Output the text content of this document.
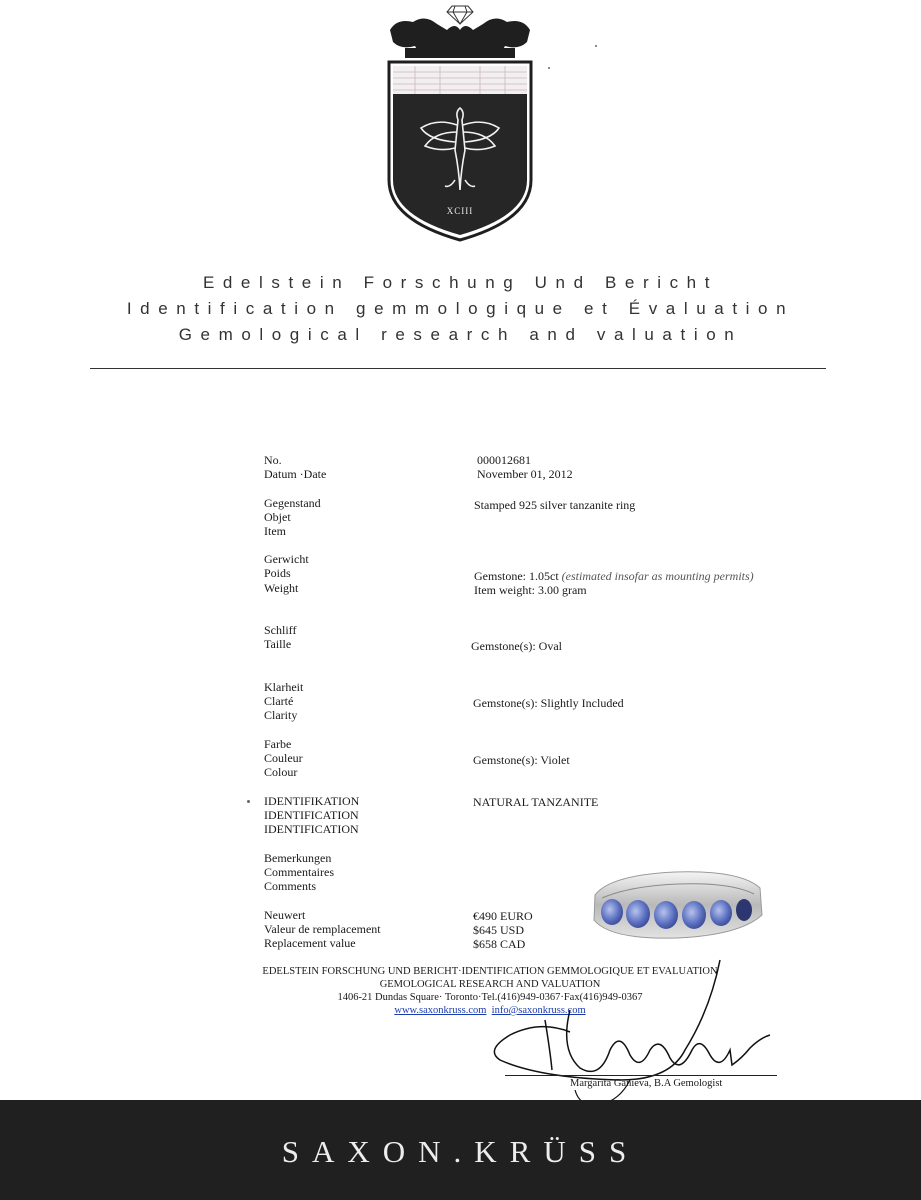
XCIII
Edelstein Forschung Und Bericht
Identification gemmologique et Évaluation
Gemological research and valuation
No.
Datum ·Date
000012681
November 01, 2012
Gegenstand
Objet
Item
Stamped 925 silver tanzanite ring
Gerwicht
Poids
Weight
Gemstone: 1.05ct (estimated insofar as mounting permits)
Item weight: 3.00 gram
Schliff
Taille	Gemstone(s): Oval
Klarheit
Clarté
Clarity
Gemstone(s): Slightly Included
Farbe
Couleur
Colour
Gemstone(s): Violet
IDENTIFIKATION
IDENTIFICATION
IDENTIFICATION
NATURAL TANZANITE
Bemerkungen
Commentaires
Comments
Neuwert
Valeur de remplacement
Replacement value
€490 EURO
$645 USD
$658 CAD
EDELSTEIN FORSCHUNG UND BERICHT·IDENTIFICATION GEMMOLOGIQUE ET EVALUATION
GEMOLOGICAL RESEARCH AND VALUATION
1406-21 Dundas Square· Toronto·Tel.(416)949-0367·Fax(416)949-0367
www.saxonkruss.com info@saxonkruss.com
Margarita Ganieva, B.A Gemologist
SAXON.KRÜSS
